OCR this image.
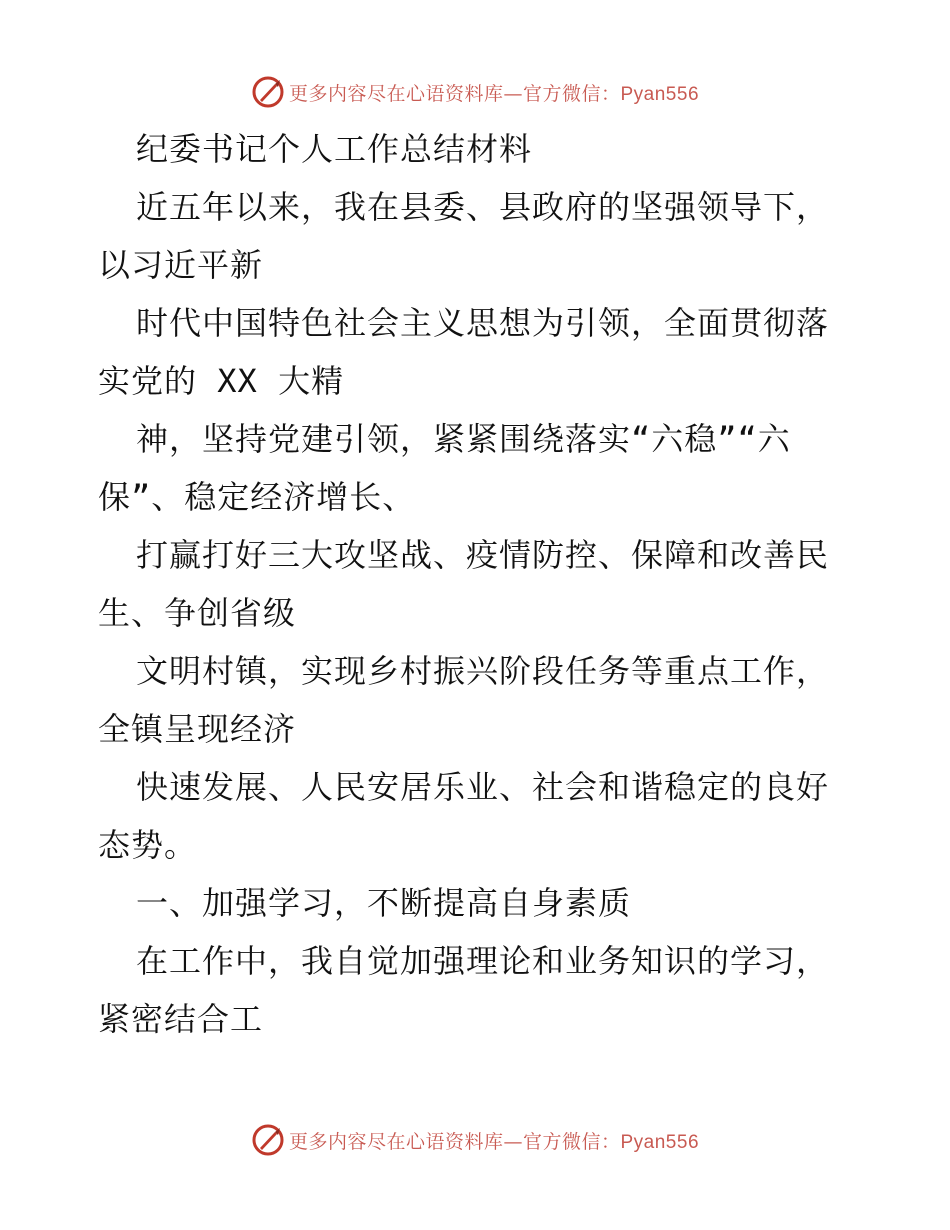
更多内容尽在心语资料库—官方微信：Pyan556
纪委书记个人工作总结材料
近五年以来，我在县委、县政府的坚强领导下，
以习近平新
时代中国特色社会主义思想为引领，全面贯彻落
实党的 XX 大精
神，坚持党建引领，紧紧围绕落实“六稳”“六
保”、稳定经济增长、
打赢打好三大攻坚战、疫情防控、保障和改善民
生、争创省级
文明村镇，实现乡村振兴阶段任务等重点工作，
全镇呈现经济
快速发展、人民安居乐业、社会和谐稳定的良好
态势。
一、加强学习，不断提高自身素质
在工作中，我自觉加强理论和业务知识的学习，
紧密结合工
更多内容尽在心语资料库—官方微信：Pyan556
